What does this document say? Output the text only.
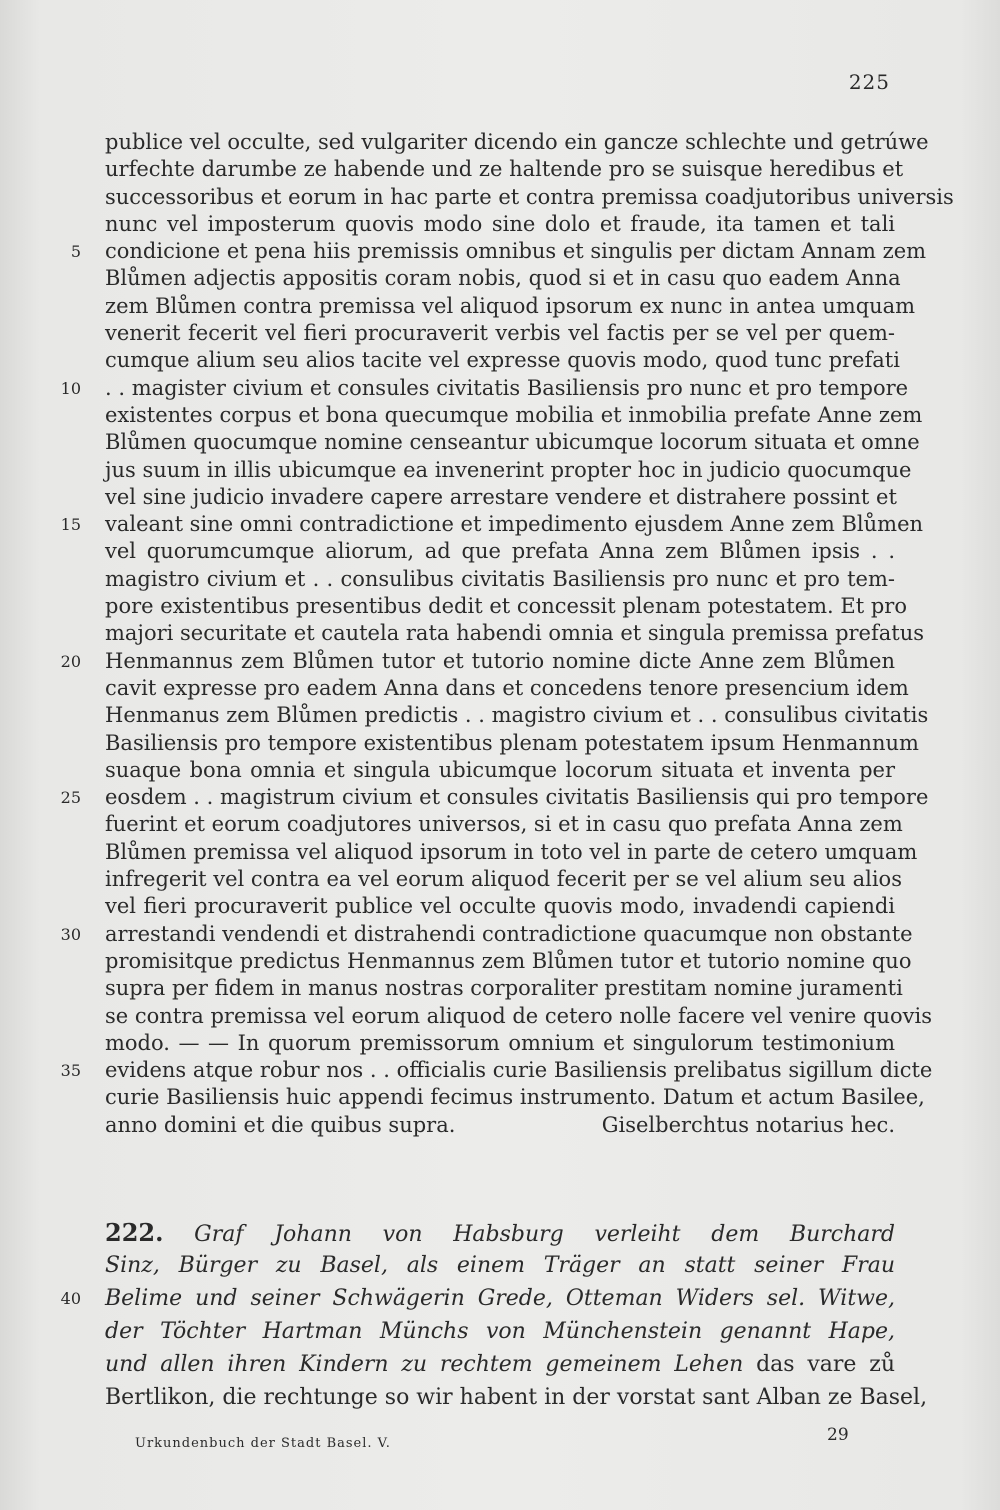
225
publice vel occulte, sed vulgariter dicendo ein gancze schlechte und getrúwe
urfechte darumbe ze habende und ze haltende pro se suisque heredibus et
successoribus et eorum in hac parte et contra premissa coadjutoribus universis
nunc vel imposterum quovis modo sine dolo et fraude, ita tamen et tali
5 condicione et pena hiis premissis omnibus et singulis per dictam Annam zem
Blůmen adjectis appositis coram nobis, quod si et in casu quo eadem Anna
zem Blůmen contra premissa vel aliquod ipsorum ex nunc in antea umquam
venerit fecerit vel fieri procuraverit verbis vel factis per se vel per quem-
cumque alium seu alios tacite vel expresse quovis modo, quod tunc prefati
10 . . magister civium et consules civitatis Basiliensis pro nunc et pro tempore
existentes corpus et bona quecumque mobilia et inmobilia prefate Anne zem
Blůmen quocumque nomine censeantur ubicumque locorum situata et omne
jus suum in illis ubicumque ea invenerint propter hoc in judicio quocumque
vel sine judicio invadere capere arrestare vendere et distrahere possint et
15 valeant sine omni contradictione et impedimento ejusdem Anne zem Blůmen
vel quorumcumque aliorum, ad que prefata Anna zem Blůmen ipsis . .
magistro civium et . . consulibus civitatis Basiliensis pro nunc et pro tem-
pore existentibus presentibus dedit et concessit plenam potestatem. Et pro
majori securitate et cautela rata habendi omnia et singula premissa prefatus
20 Henmannus zem Blůmen tutor et tutorio nomine dicte Anne zem Blůmen
cavit expresse pro eadem Anna dans et concedens tenore presencium idem
Henmanus zem Blůmen predictis . . magistro civium et . . consulibus civitatis
Basiliensis pro tempore existentibus plenam potestatem ipsum Henmannum
suaque bona omnia et singula ubicumque locorum situata et inventa per
25 eosdem . . magistrum civium et consules civitatis Basiliensis qui pro tempore
fuerint et eorum coadjutores universos, si et in casu quo prefata Anna zem
Blůmen premissa vel aliquod ipsorum in toto vel in parte de cetero umquam
infregerit vel contra ea vel eorum aliquod fecerit per se vel alium seu alios
vel fieri procuraverit publice vel occulte quovis modo, invadendi capiendi
30 arrestandi vendendi et distrahendi contradictione quacumque non obstante
promisitque predictus Henmannus zem Blůmen tutor et tutorio nomine quo
supra per fidem in manus nostras corporaliter prestitam nomine juramenti
se contra premissa vel eorum aliquod de cetero nolle facere vel venire quovis
modo. — — In quorum premissorum omnium et singulorum testimonium
35 evidens atque robur nos . . officialis curie Basiliensis prelibatus sigillum dicte
curie Basiliensis huic appendi fecimus instrumento. Datum et actum Basilee,
anno domini et die quibus supra.	Giselberchtus notarius hec.
222. Graf Johann von Habsburg verleiht dem Burchard
Sinz, Bürger zu Basel, als einem Träger an statt seiner Frau
40 Belime und seiner Schwägerin Grede, Otteman Widers sel. Witwe,
der Töchter Hartman Münchs von Münchenstein genannt Hape,
und allen ihren Kindern zu rechtem gemeinem Lehen das vare zů
Bertlikon, die rechtunge so wir habent in der vorstat sant Alban ze Basel,
Urkundenbuch der Stadt Basel. V.	29
